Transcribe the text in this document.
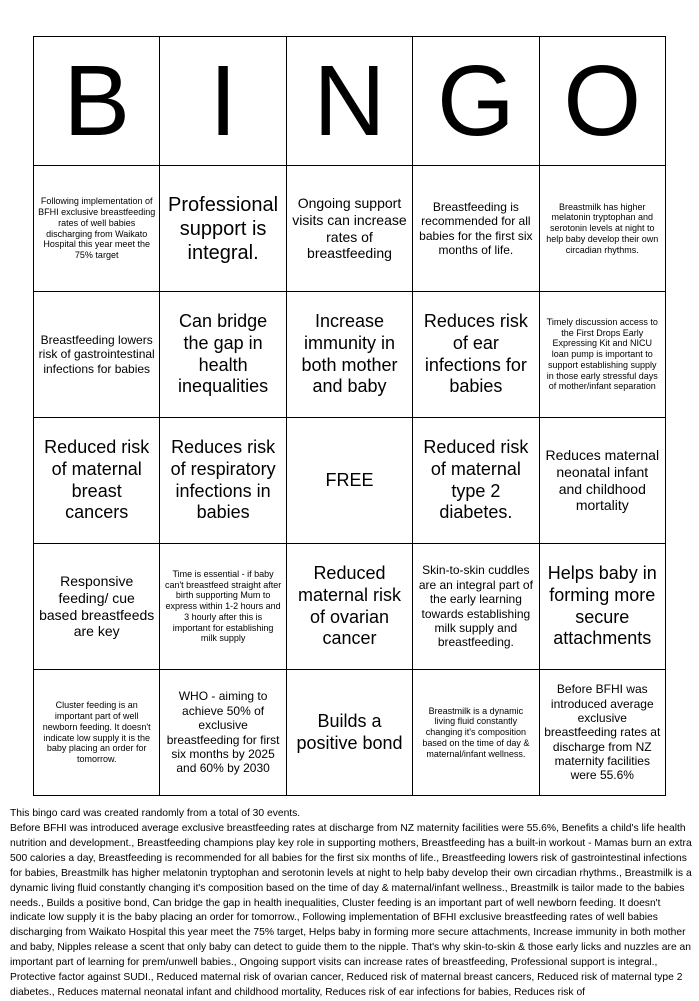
B	I	N	G	O
Following implementation of BFHI exclusive breastfeeding rates of well babies discharging from Waikato Hospital this year meet the 75% target	Professional support is integral.	Ongoing support visits can increase rates of breastfeeding	Breastfeeding is recommended for all babies for the first six months of life.	Breastmilk has higher melatonin tryptophan and serotonin levels at night to help baby develop their own circadian rhythms.
Breastfeeding lowers risk of gastrointestinal infections for babies	Can bridge the gap in health inequalities	Increase immunity in both mother and baby	Reduces risk of ear infections for babies	Timely discussion access to the First Drops Early Expressing Kit and NICU loan pump is important to support establishing supply in those early stressful days of mother/infant separation
Reduced risk of maternal breast cancers	Reduces risk of respiratory infections in babies	FREE	Reduced risk of maternal type 2 diabetes.	Reduces maternal neonatal infant and childhood mortality
Responsive feeding/ cue based breastfeeds are key	Time is essential - if baby can't breastfeed straight after birth supporting Mum to express within 1-2 hours and 3 hourly after this is important for establishing milk supply	Reduced maternal risk of ovarian cancer	Skin-to-skin cuddles are an integral part of the early learning towards establishing milk supply and breastfeeding.	Helps baby in forming more secure attachments
Cluster feeding is an important part of well newborn feeding. It doesn't indicate low supply it is the baby placing an order for tomorrow.	WHO - aiming to achieve 50% of exclusive breastfeeding for first six months by 2025 and 60% by 2030	Builds a positive bond	Breastmilk is a dynamic living fluid constantly changing it's composition based on the time of day & maternal/infant wellness.	Before BFHI was introduced average exclusive breastfeeding rates at discharge from NZ maternity facilities were 55.6%

This bingo card was created randomly from a total of 30 events.

Before BFHI was introduced average exclusive breastfeeding rates at discharge from NZ maternity facilities were 55.6%, Benefits a child's life health nutrition and development., Breastfeeding champions play key role in supporting mothers, Breastfeeding has a built-in workout - Mamas burn an extra 500 calories a day, Breastfeeding is recommended for all babies for the first six months of life., Breastfeeding lowers risk of gastrointestinal infections for babies, Breastmilk has higher melatonin tryptophan and serotonin levels at night to help baby develop their own circadian rhythms., Breastmilk is a dynamic living fluid constantly changing it's composition based on the time of day & maternal/infant wellness., Breastmilk is tailor made to the babies needs., Builds a positive bond, Can bridge the gap in health inequalities, Cluster feeding is an important part of well newborn feeding. It doesn't indicate low supply it is the baby placing an order for tomorrow., Following implementation of BFHI exclusive breastfeeding rates of well babies discharging from Waikato Hospital this year meet the 75% target, Helps baby in forming more secure attachments, Increase immunity in both mother and baby, Nipples release a scent that only baby can detect to guide them to the nipple. That's why skin-to-skin & those early licks and nuzzles are an important part of learning for prem/unwell babies., Ongoing support visits can increase rates of breastfeeding, Professional support is integral., Protective factor against SUDI., Reduced maternal risk of ovarian cancer, Reduced risk of maternal breast cancers, Reduced risk of maternal type 2 diabetes., Reduces maternal neonatal infant and childhood mortality, Reduces risk of ear infections for babies, Reduces risk of
